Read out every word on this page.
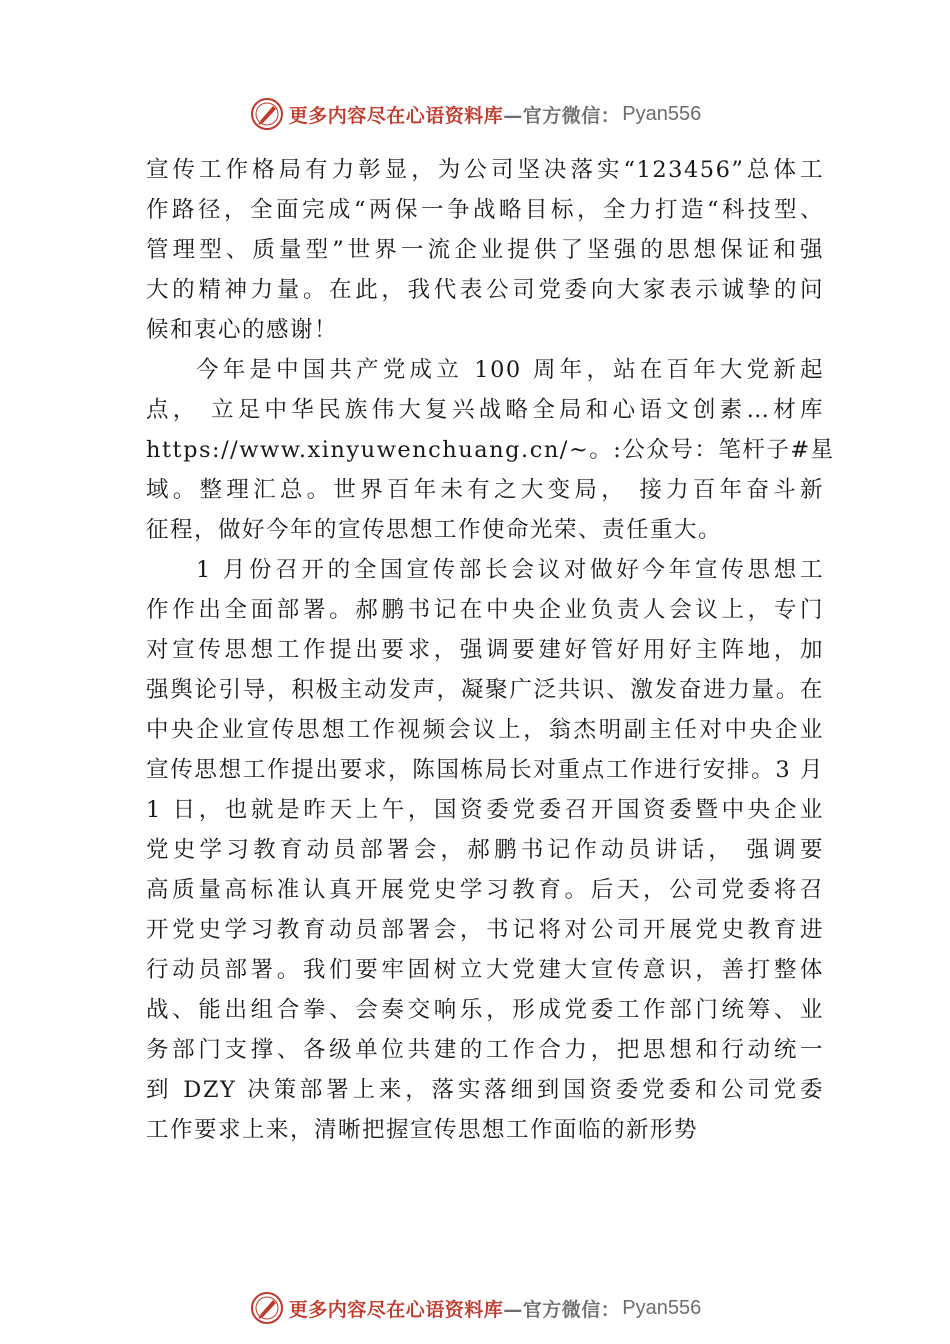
更多内容尽在心语资料库 —官方微信： Pyan556
宣传工作格局有力彰显，为公司坚决落实“123456”总体工
作路径，全面完成“两保一争战略目标，全力打造“科技型、
管理型、质量型”世界一流企业提供了坚强的思想保证和强
大的精神力量。在此，我代表公司党委向大家表示诚挚的问
候和衷心的感谢！
今年是中国共产党成立 100 周年，站在百年大党新起
点， 立足中华民族伟大复兴战略全局和心语文创素…材库
https://www.xinyuwenchuang.cn/~。:公众号：笔杆子#星
域。整理汇总。世界百年未有之大变局， 接力百年奋斗新
征程，做好今年的宣传思想工作使命光荣、责任重大。
1 月份召开的全国宣传部长会议对做好今年宣传思想工
作作出全面部署。郝鹏书记在中央企业负责人会议上，专门
对宣传思想工作提出要求，强调要建好管好用好主阵地，加
强舆论引导，积极主动发声，凝聚广泛共识、激发奋进力量。在
中央企业宣传思想工作视频会议上，翁杰明副主任对中央企业
宣传思想工作提出要求，陈国栋局长对重点工作进行安排。3 月
1 日，也就是昨天上午，国资委党委召开国资委暨中央企业
党史学习教育动员部署会，郝鹏书记作动员讲话， 强调要
高质量高标准认真开展党史学习教育。后天，公司党委将召
开党史学习教育动员部署会，书记将对公司开展党史教育进
行动员部署。我们要牢固树立大党建大宣传意识，善打整体
战、能出组合拳、会奏交响乐，形成党委工作部门统筹、业
务部门支撑、各级单位共建的工作合力，把思想和行动统一
到 DZY 决策部署上来，落实落细到国资委党委和公司党委
工作要求上来，清晰把握宣传思想工作面临的新形势
更多内容尽在心语资料库 —官方微信： Pyan556
